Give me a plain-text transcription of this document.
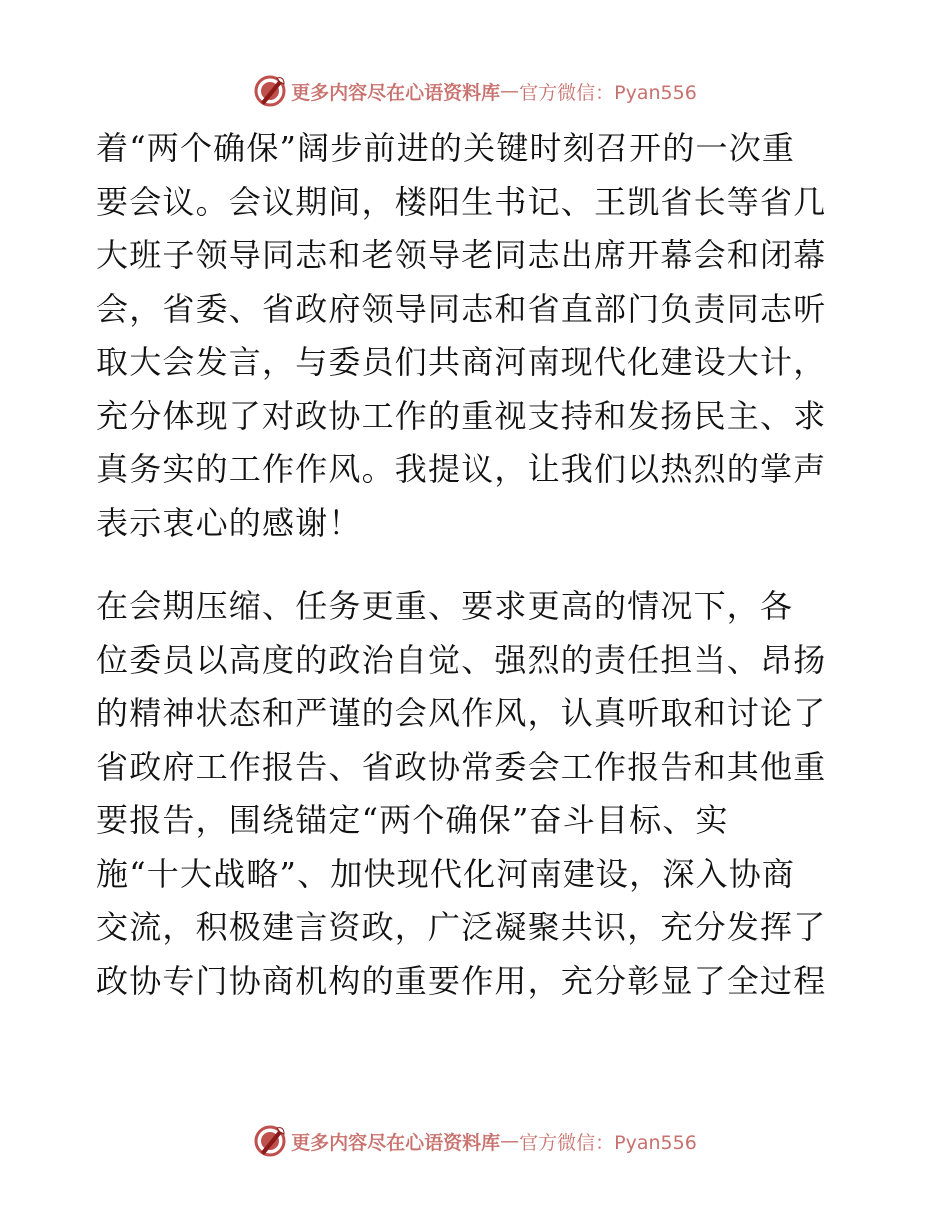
更多内容尽在心语资料库 — 官方微信：Pyan556
着“两个确保”阔步前进的关键时刻召开的一次重
要会议。会议期间，楼阳生书记、王凯省长等省几
大班子领导同志和老领导老同志出席开幕会和闭幕
会，省委、省政府领导同志和省直部门负责同志听
取大会发言，与委员们共商河南现代化建设大计，
充分体现了对政协工作的重视支持和发扬民主、求
真务实的工作作风。我提议，让我们以热烈的掌声
表示衷心的感谢！
在会期压缩、任务更重、要求更高的情况下，各
位委员以高度的政治自觉、强烈的责任担当、昂扬
的精神状态和严谨的会风作风，认真听取和讨论了
省政府工作报告、省政协常委会工作报告和其他重
要报告，围绕锚定“两个确保”奋斗目标、实
施“十大战略”、加快现代化河南建设，深入协商
交流，积极建言资政，广泛凝聚共识，充分发挥了
政协专门协商机构的重要作用，充分彰显了全过程
更多内容尽在心语资料库 — 官方微信：Pyan556
